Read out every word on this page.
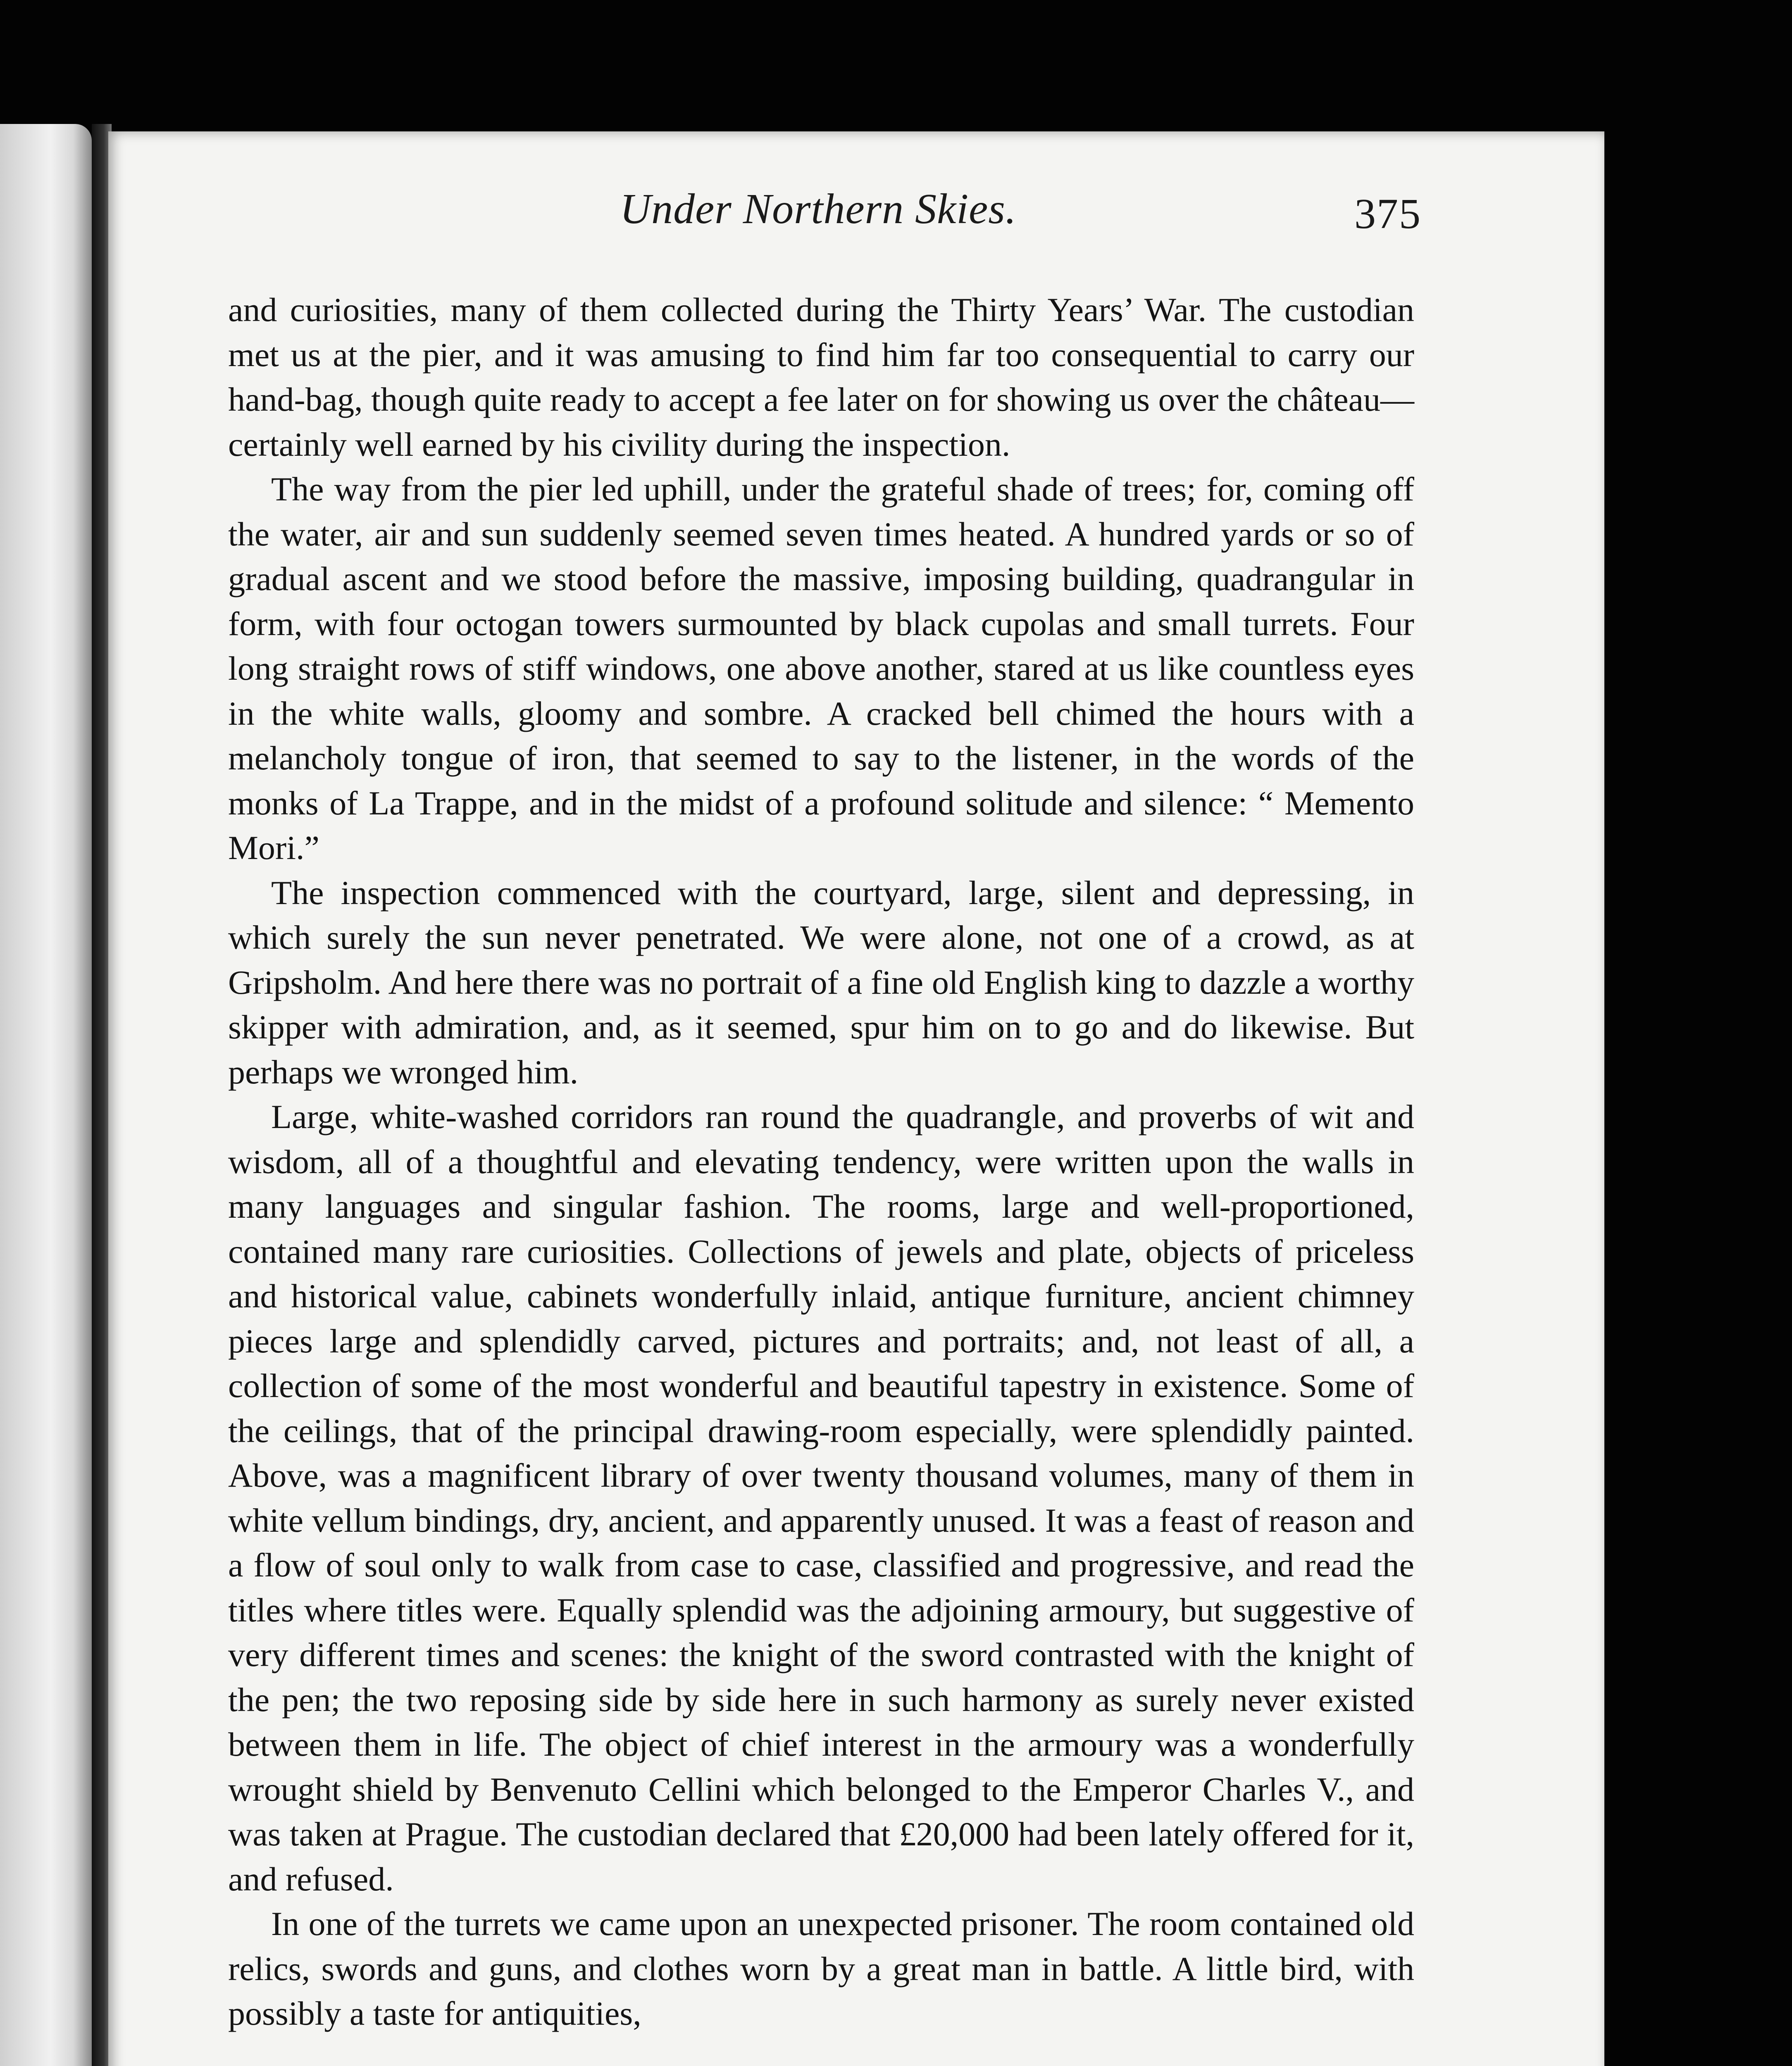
Under Northern Skies.	375

and curiosities, many of them collected during the Thirty Years’ War. The custodian met us at the pier, and it was amusing to find him far too consequential to carry our hand-bag, though quite ready to accept a fee later on for showing us over the château—certainly well earned by his civility during the inspection.

The way from the pier led uphill, under the grateful shade of trees; for, coming off the water, air and sun suddenly seemed seven times heated. A hundred yards or so of gradual ascent and we stood before the massive, imposing building, quadrangular in form, with four octogan towers surmounted by black cupolas and small turrets. Four long straight rows of stiff windows, one above another, stared at us like countless eyes in the white walls, gloomy and sombre. A cracked bell chimed the hours with a melancholy tongue of iron, that seemed to say to the listener, in the words of the monks of La Trappe, and in the midst of a profound solitude and silence: “ Memento Mori.”

The inspection commenced with the courtyard, large, silent and depressing, in which surely the sun never penetrated. We were alone, not one of a crowd, as at Gripsholm. And here there was no portrait of a fine old English king to dazzle a worthy skipper with admiration, and, as it seemed, spur him on to go and do likewise. But perhaps we wronged him.

Large, white-washed corridors ran round the quadrangle, and proverbs of wit and wisdom, all of a thoughtful and elevating tendency, were written upon the walls in many languages and singular fashion. The rooms, large and well-proportioned, contained many rare curiosities. Collections of jewels and plate, objects of priceless and historical value, cabinets wonderfully inlaid, antique furniture, ancient chimney pieces large and splendidly carved, pictures and portraits; and, not least of all, a collection of some of the most wonderful and beautiful tapestry in existence. Some of the ceilings, that of the principal drawing-room especially, were splendidly painted. Above, was a magnificent library of over twenty thousand volumes, many of them in white vellum bindings, dry, ancient, and apparently unused. It was a feast of reason and a flow of soul only to walk from case to case, classified and progressive, and read the titles where titles were. Equally splendid was the adjoining armoury, but suggestive of very different times and scenes: the knight of the sword contrasted with the knight of the pen; the two reposing side by side here in such harmony as surely never existed between them in life. The object of chief interest in the armoury was a wonderfully wrought shield by Benvenuto Cellini which belonged to the Emperor Charles V., and was taken at Prague. The custodian declared that £20,000 had been lately offered for it, and refused.

In one of the turrets we came upon an unexpected prisoner. The room contained old relics, swords and guns, and clothes worn by a great man in battle. A little bird, with possibly a taste for antiquities,
